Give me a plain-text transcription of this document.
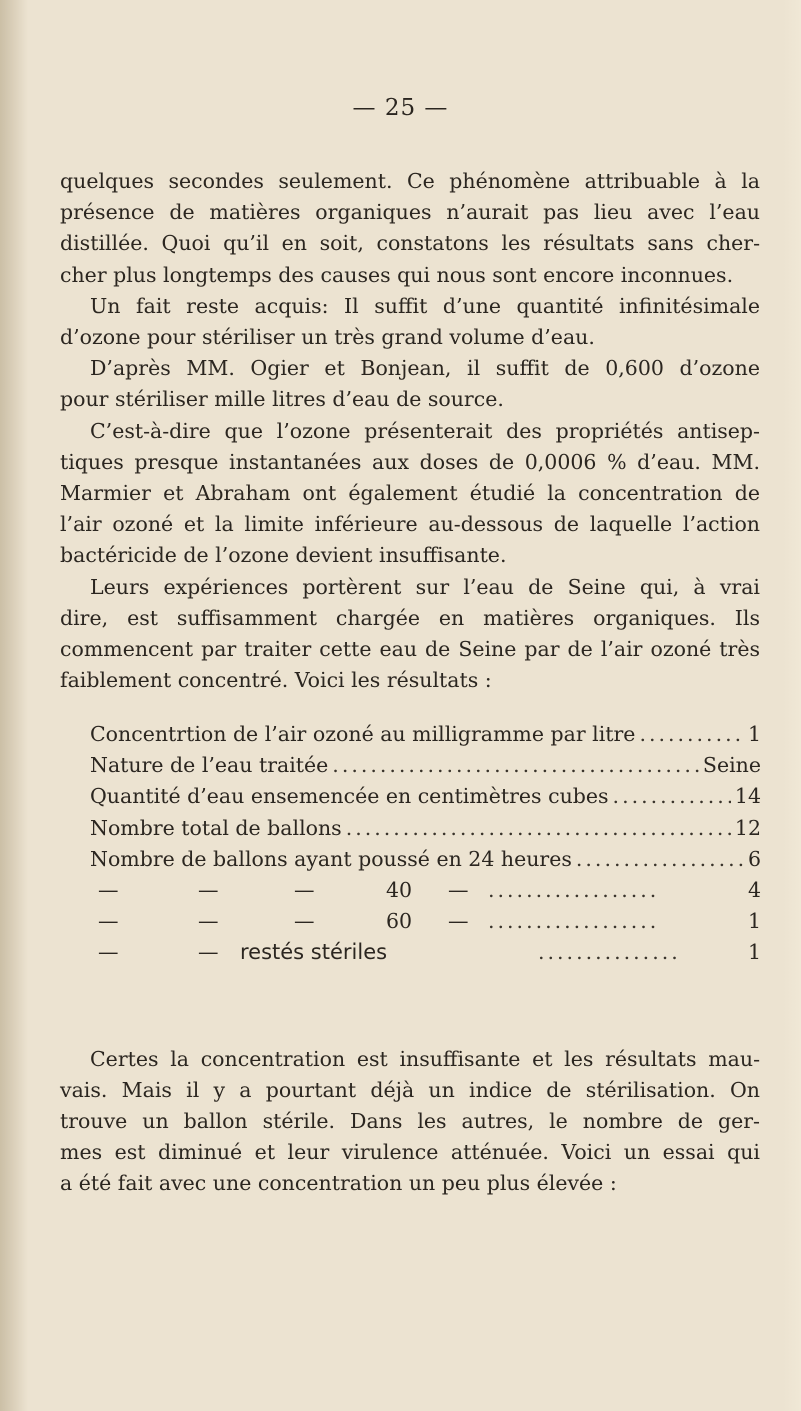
— 25 —

quelques secondes seulement. Ce phénomène attribuable à la
présence de matières organiques n’aurait pas lieu avec l’eau
distillée. Quoi qu’il en soit, constatons les résultats sans cher-
cher plus longtemps des causes qui nous sont encore inconnues.

Un fait reste acquis: Il suffit d’une quantité infinitésimale
d’ozone pour stériliser un très grand volume d’eau.

D’après MM. Ogier et Bonjean, il suffit de 0,600 d’ozone
pour stériliser mille litres d’eau de source.

C’est-à-dire que l’ozone présenterait des propriétés antisep-
tiques presque instantanées aux doses de 0,0006 % d’eau. MM.
Marmier et Abraham ont également étudié la concentration de
l’air ozoné et la limite inférieure au-dessous de laquelle l’action
bactéricide de l’ozone devient insuffisante.

Leurs expériences portèrent sur l’eau de Seine qui, à vrai
dire, est suffisamment chargée en matières organiques. Ils
commencent par traiter cette eau de Seine par de l’air ozoné très
faiblement concentré. Voici les résultats :

Concentrtion de l’air ozoné au milligramme par litre .....	1
Nature de l’eau traitée .....	Seine
Quantité d’eau ensemencée en centimètres cubes .....	14
Nombre total de ballons .....	12
Nombre de ballons ayant poussé en 24 heures .....	6
—	—	—	40 — ..................	4
—	—	—	60 — ..................	1
—	— restés stériles	...............	1

Certes la concentration est insuffisante et les résultats mau-
vais. Mais il y a pourtant déjà un indice de stérilisation. On
trouve un ballon stérile. Dans les autres, le nombre de ger-
mes est diminué et leur virulence atténuée. Voici un essai qui
a été fait avec une concentration un peu plus élevée :
